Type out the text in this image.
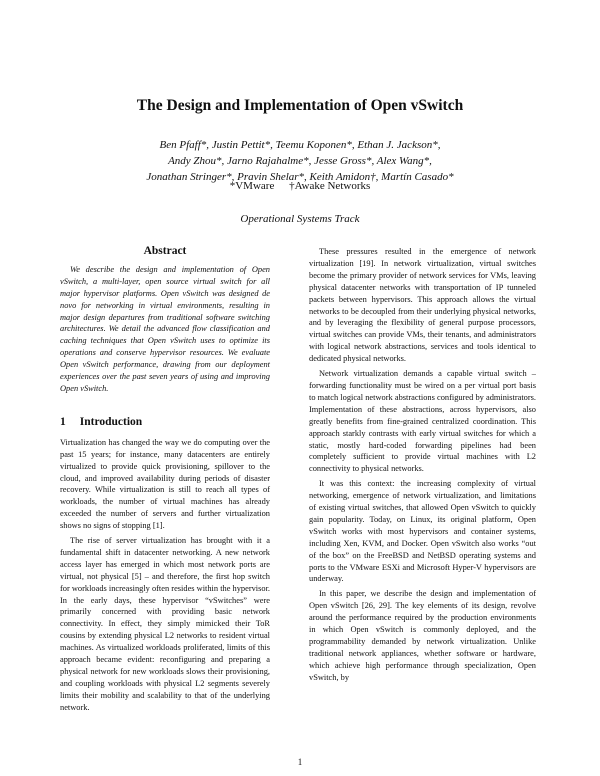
The Design and Implementation of Open vSwitch
Ben Pfaff*, Justin Pettit*, Teemu Koponen*, Ethan J. Jackson*,
Andy Zhou*, Jarno Rajahalme*, Jesse Gross*, Alex Wang*,
Jonathan Stringer*, Pravin Shelar*, Keith Amidon†, Martín Casado*
*VMware †Awake Networks
Operational Systems Track
Abstract

We describe the design and implementation of Open vSwitch, a multi-layer, open source virtual switch for all major hypervisor platforms. Open vSwitch was designed de novo for networking in virtual environments, resulting in major design departures from traditional software switching architectures. We detail the advanced flow classification and caching techniques that Open vSwitch uses to optimize its operations and conserve hypervisor resources. We evaluate Open vSwitch performance, drawing from our deployment experiences over the past seven years of using and improving Open vSwitch.

1 Introduction

Virtualization has changed the way we do computing over the past 15 years; for instance, many datacenters are entirely virtualized to provide quick provisioning, spillover to the cloud, and improved availability during periods of disaster recovery. While virtualization is still to reach all types of workloads, the number of virtual machines has already exceeded the number of servers and further virtualization shows no signs of stopping [1].

The rise of server virtualization has brought with it a fundamental shift in datacenter networking. A new network access layer has emerged in which most network ports are virtual, not physical [5] – and therefore, the first hop switch for workloads increasingly often resides within the hypervisor. In the early days, these hypervisor “vSwitches” were primarily concerned with providing basic network connectivity. In effect, they simply mimicked their ToR cousins by extending physical L2 networks to resident virtual machines. As virtualized workloads proliferated, limits of this approach became evident: reconfiguring and preparing a physical network for new workloads slows their provisioning, and coupling workloads with physical L2 segments severely limits their mobility and scalability to that of the underlying network.

These pressures resulted in the emergence of network virtualization [19]. In network virtualization, virtual switches become the primary provider of network services for VMs, leaving physical datacenter networks with transportation of IP tunneled packets between hypervisors. This approach allows the virtual networks to be decoupled from their underlying physical networks, and by leveraging the flexibility of general purpose processors, virtual switches can provide VMs, their tenants, and administrators with logical network abstractions, services and tools identical to dedicated physical networks.

Network virtualization demands a capable virtual switch – forwarding functionality must be wired on a per virtual port basis to match logical network abstractions configured by administrators. Implementation of these abstractions, across hypervisors, also greatly benefits from fine-grained centralized coordination. This approach starkly contrasts with early virtual switches for which a static, mostly hard-coded forwarding pipelines had been completely sufficient to provide virtual machines with L2 connectivity to physical networks.

It was this context: the increasing complexity of virtual networking, emergence of network virtualization, and limitations of existing virtual switches, that allowed Open vSwitch to quickly gain popularity. Today, on Linux, its original platform, Open vSwitch works with most hypervisors and container systems, including Xen, KVM, and Docker. Open vSwitch also works “out of the box” on the FreeBSD and NetBSD operating systems and ports to the VMware ESXi and Microsoft Hyper-V hypervisors are underway.

In this paper, we describe the design and implementation of Open vSwitch [26, 29]. The key elements of its design, revolve around the performance required by the production environments in which Open vSwitch is commonly deployed, and the programmability demanded by network virtualization. Unlike traditional network appliances, whether software or hardware, which achieve high performance through specialization, Open vSwitch, by

1
